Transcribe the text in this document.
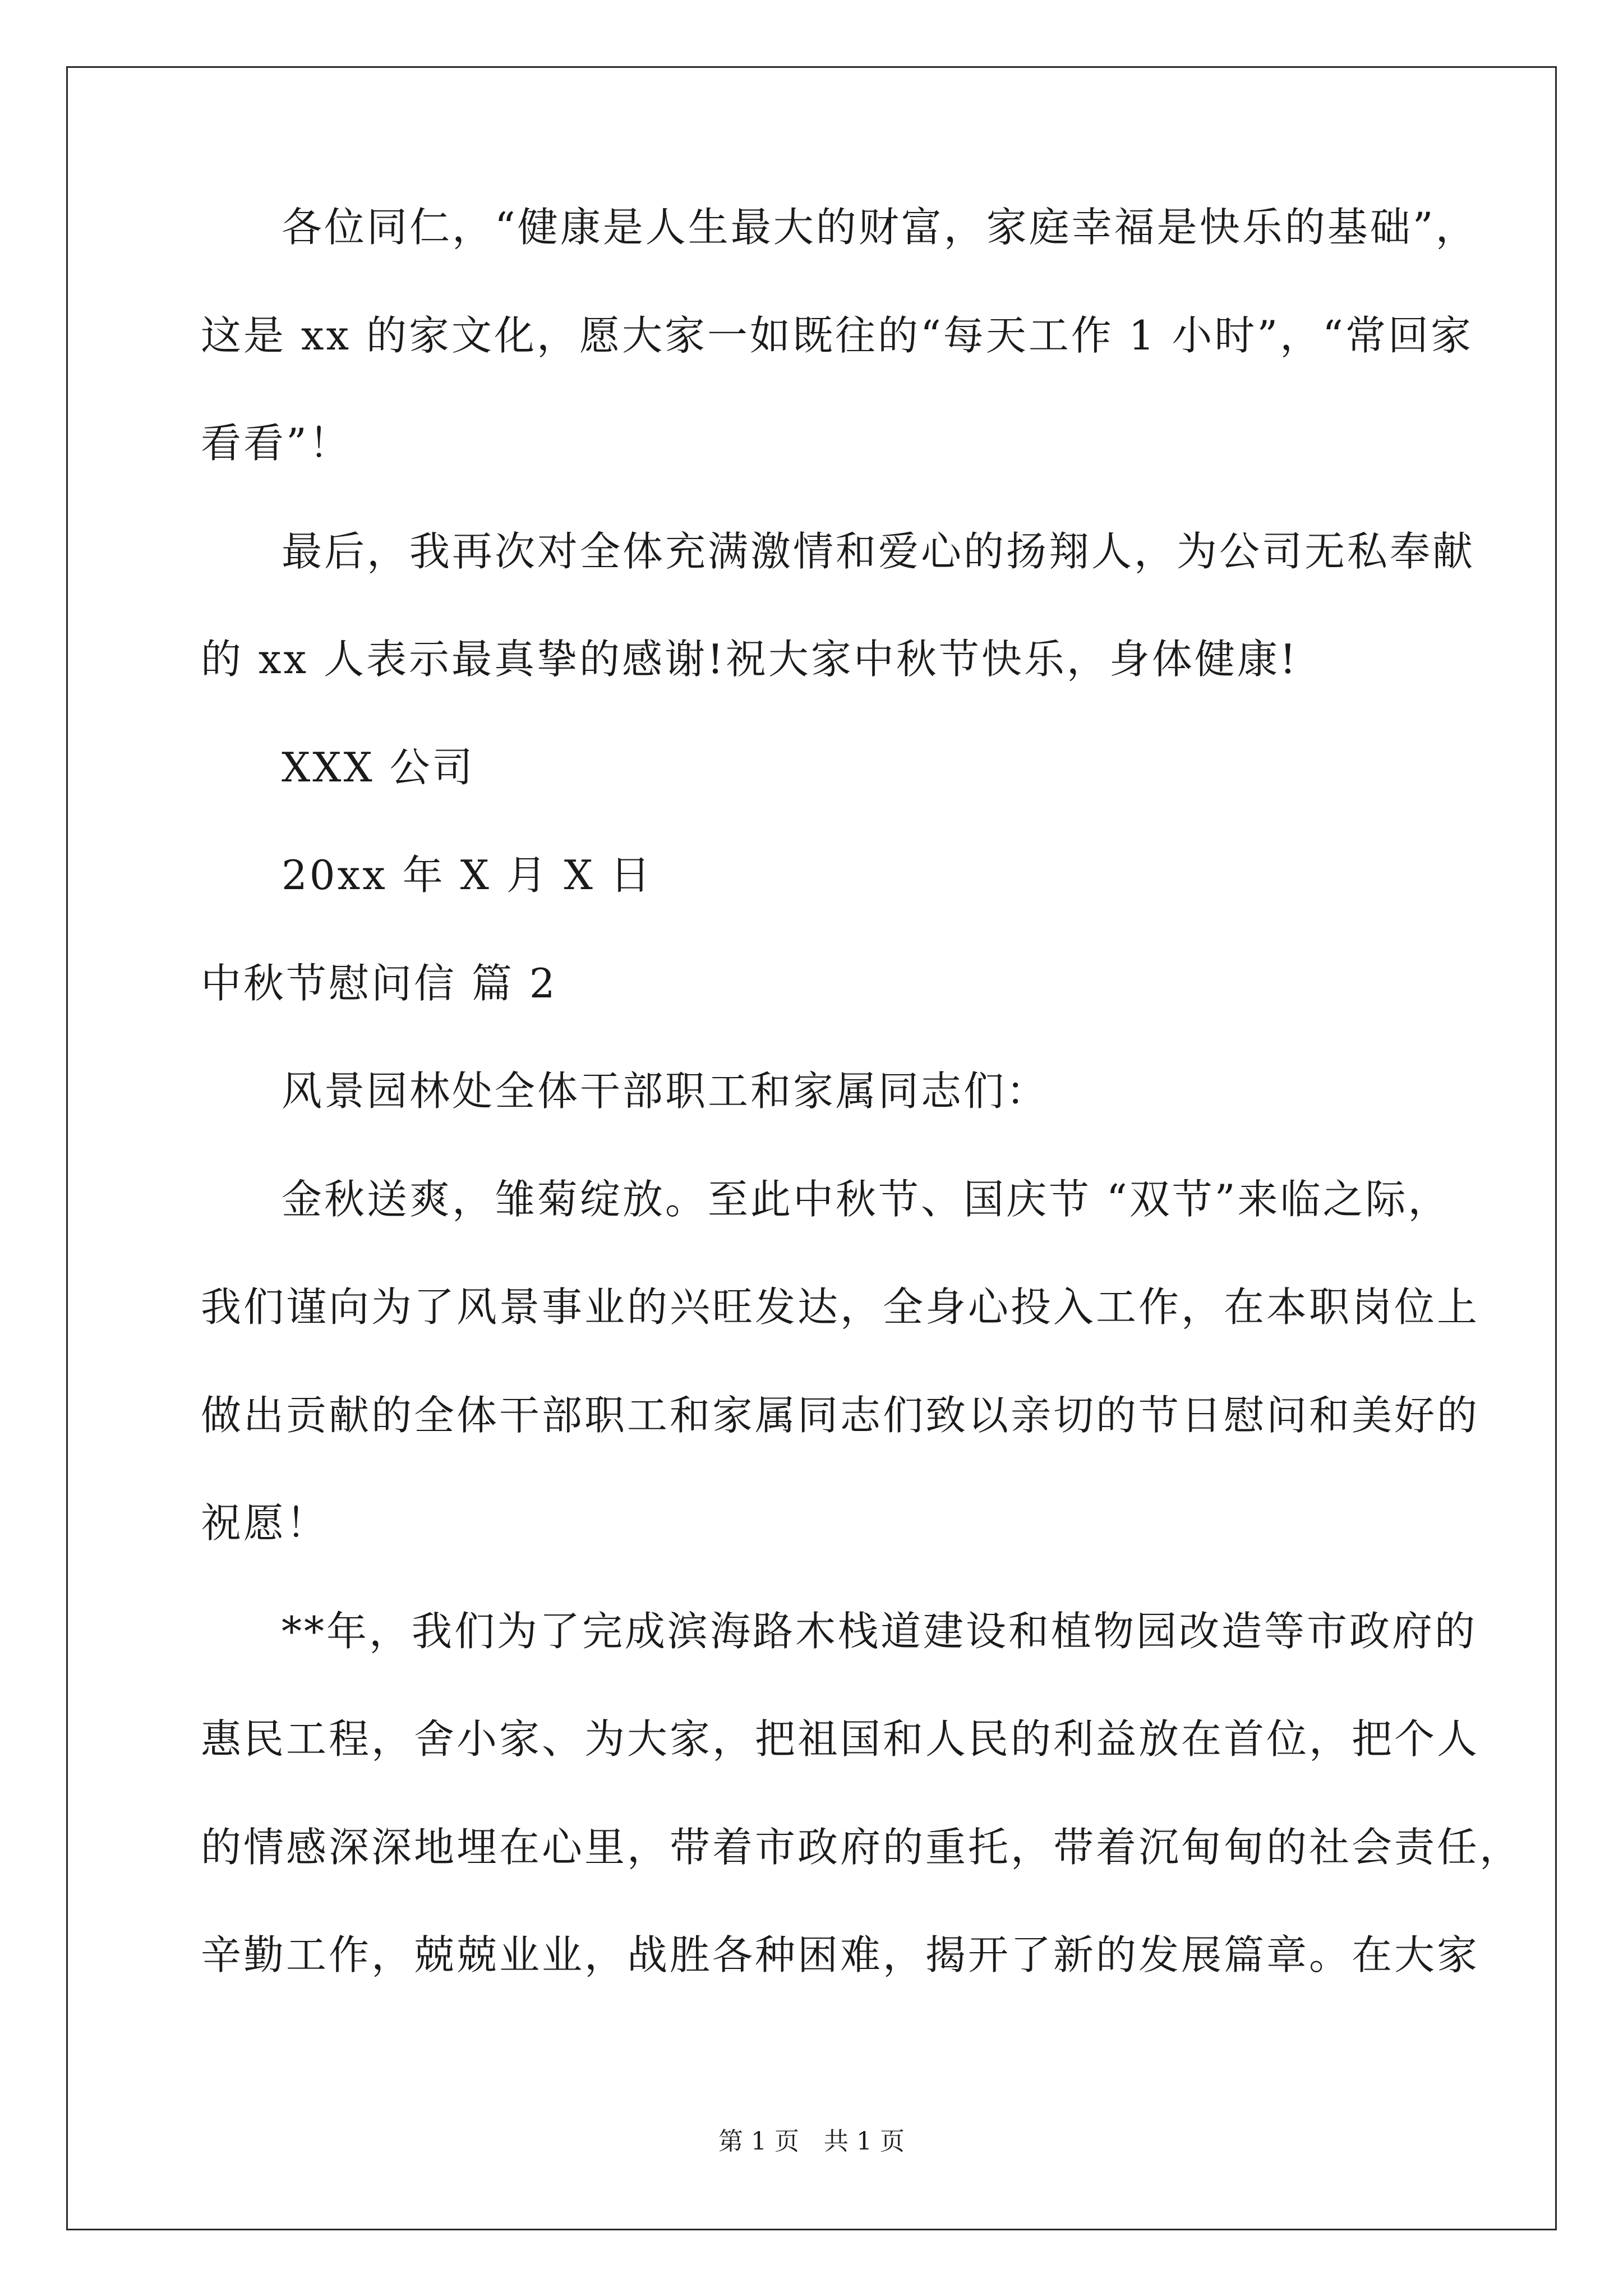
各位同仁，“健康是人生最大的财富，家庭幸福是快乐的基础”，
这是 xx 的家文化，愿大家一如既往的“每天工作 1 小时”，“常回家
看看”！
最后，我再次对全体充满激情和爱心的扬翔人，为公司无私奉献
的 xx 人表示最真挚的感谢!祝大家中秋节快乐，身体健康!
XXX 公司
20xx 年 X 月 X 日
中秋节慰问信 篇 2
风景园林处全体干部职工和家属同志们：
金秋送爽，雏菊绽放。至此中秋节、国庆节 “双节”来临之际，
我们谨向为了风景事业的兴旺发达，全身心投入工作，在本职岗位上
做出贡献的全体干部职工和家属同志们致以亲切的节日慰问和美好的
祝愿！
**年，我们为了完成滨海路木栈道建设和植物园改造等市政府的
惠民工程，舍小家、为大家，把祖国和人民的利益放在首位，把个人
的情感深深地埋在心里，带着市政府的重托，带着沉甸甸的社会责任，
辛勤工作，兢兢业业，战胜各种困难，揭开了新的发展篇章。在大家
第 1 页　共 1 页
